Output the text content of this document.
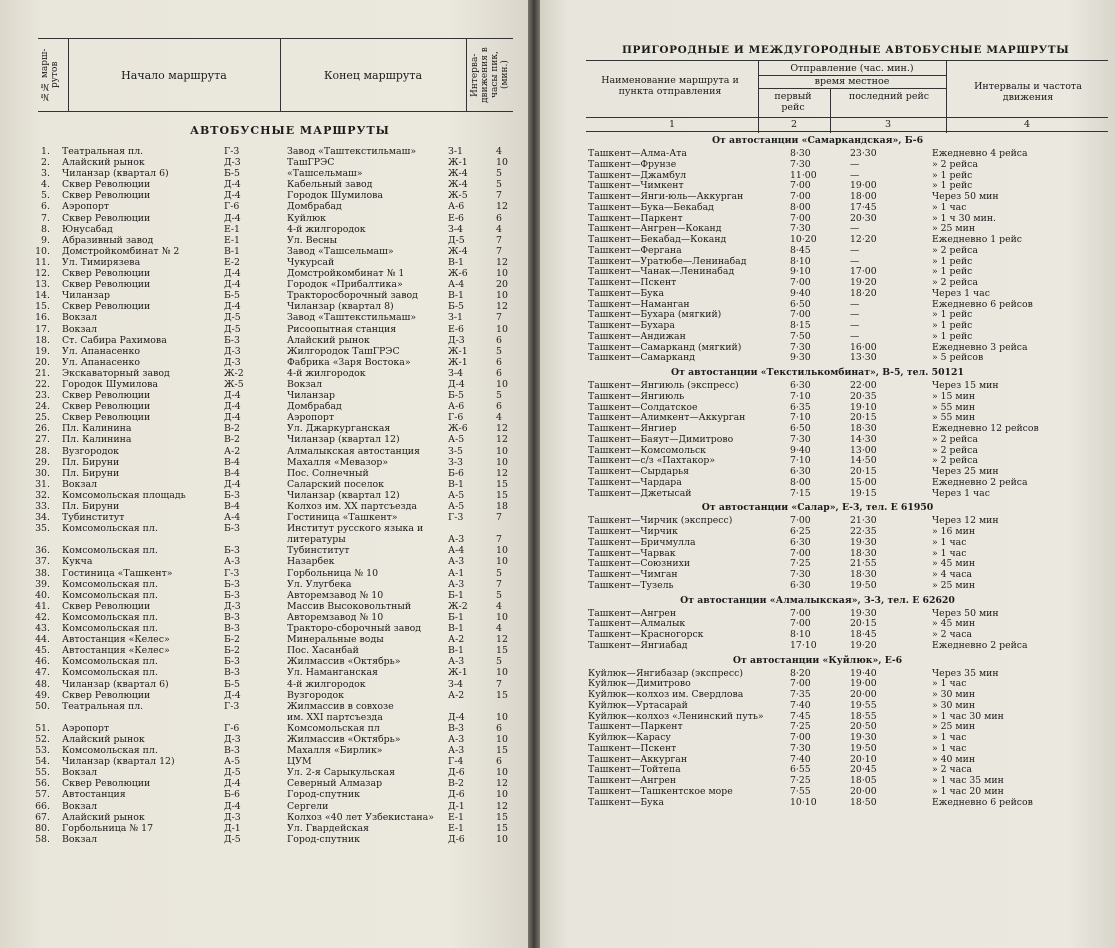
№№ марш-рутов	Начало маршрута	Конец маршрута	Интерва-движения в часы пик, (мин.)
АВТОБУСНЫЕ МАРШРУТЫ
1. Театральная пл.	Г-3	Завод «Таштекстильмаш»	З-1	4
2. Алайский рынок	Д-3	ТашГРЭС	Ж-1	10
3. Чиланзар (квартал 6)	Б-5	«Ташсельмаш»	Ж-4	5
4. Сквер Революции	Д-4	Кабельный завод	Ж-4	5
5. Сквер Революции	Д-4	Городок Шумилова	Ж-5	7
6. Аэропорт	Г-6	Домбрабад	А-6	12
7. Сквер Революции	Д-4	Куйлюк	Е-6	6
8. Юнусабад	Е-1	4-й жилгородок	З-4	4
9. Абразивный завод	Е-1	Ул. Весны	Д-5	7
10. Домстройкомбинат № 2	В-1	Завод «Ташсельмаш»	Ж-4	7
11. Ул. Тимирязева	Е-2	Чукурсай	В-1	12
12. Сквер Революции	Д-4	Домстройкомбинат № 1	Ж-6	10
13. Сквер Революции	Д-4	Городок «Прибалтика»	А-4	20
14. Чиланзар	Б-5	Тракторосборочный завод	В-1	10
15. Сквер Революции	Д-4	Чиланзар (квартал 8)	Б-5	12
16. Вокзал	Д-5	Завод «Таштекстильмаш»	З-1	7
17. Вокзал	Д-5	Рисоопытная станция	Е-6	10
18. Ст. Сабира Рахимова	Б-3	Алайский рынок	Д-3	6
19. Ул. Апанасенко	Д-3	Жилгородок ТашГРЭС	Ж-1	5
20. Ул. Апанасенко	Д-3	Фабрика «Заря Востока»	Ж-1	6
21. Экскаваторный завод	Ж-2	4-й жилгородок	З-4	6
22. Городок Шумилова	Ж-5	Вокзал	Д-4	10
23. Сквер Революции	Д-4	Чиланзар	Б-5	5
24. Сквер Революции	Д-4	Домбрабад	А-6	6
25. Сквер Революции	Д-4	Аэропорт	Г-6	4
26. Пл. Калинина	В-2	Ул. Джаркурганская	Ж-6	12
27. Пл. Калинина	В-2	Чиланзар (квартал 12)	А-5	12
28. Вузгородок	А-2	Алмалыкская автостанция	З-5	10
29. Пл. Бируни	В-4	Махалля «Мевазор»	З-3	10
30. Пл. Бируни	В-4	Пос. Солнечный	Б-6	12
31. Вокзал	Д-4	Саларский поселок	В-1	15
32. Комсомольская площадь	Б-3	Чиланзар (квартал 12)	А-5	15
33. Пл. Бируни	В-4	Колхоз им. XX партсъезда	А-5	18
34. Тубинститут	А-4	Гостиница «Ташкент»	Г-3	7
35. Комсомольская пл.	Б-3	Институт русского языка и
литературы	А-3	7
36. Комсомольская пл.	Б-3	Тубинститут	А-4	10
37. Кукча	А-3	Назарбек	А-3	10
38. Гостиница «Ташкент»	Г-3	Горбольница № 10	А-1	5
39. Комсомольская пл.	Б-3	Ул. Улугбека	А-3	7
40. Комсомольская пл.	Б-3	Авторемзавод № 10	Б-1	5
41. Сквер Революции	Д-3	Массив Высоковольтный	Ж-2	4
42. Комсомольская пл.	В-3	Авторемзавод № 10	Б-1	10
43. Комсомольская пл.	В-3	Тракторо-сборочный завод	В-1	4
44. Автостанция «Келес»	Б-2	Минеральные воды	А-2	12
45. Автостанция «Келес»	Б-2	Пос. Хасанбай	В-1	15
46. Комсомольская пл.	Б-3	Жилмассив «Октябрь»	А-3	5
47. Комсомольская пл.	В-3	Ул. Наманганская	Ж-1	10
48. Чиланзар (квартал 6)	Б-5	4-й жилгородок	З-4	7
49. Сквер Революции	Д-4	Вузгородок	А-2	15
50. Театральная пл.	Г-3	Жилмассив в совхозе
им. XXI партсъезда	Д-4	10
51. Аэропорт	Г-6	Комсомольская пл	В-3	6
52. Алайский рынок	Д-3	Жилмассив «Октябрь»	А-3	10
53. Комсомольская пл.	В-3	Махалля «Бирлик»	А-3	15
54. Чиланзар (квартал 12)	А-5	ЦУМ	Г-4	6
55. Вокзал	Д-5	Ул. 2-я Сарыкульская	Д-6	10
56. Сквер Революции	Д-4	Северный Алмазар	В-2	12
57. Автостанция	Б-6	Город-спутник	Д-6	10
66. Вокзал	Д-4	Сергели	Д-1	12
67. Алайский рынок	Д-3	Колхоз «40 лет Узбекистана» Е-1	15
80. Горбольница № 17	Д-1	Ул. Гвардейская	Е-1	15
58. Вокзал	Д-5	Город-спутник	Д-6	10
ПРИГОРОДНЫЕ И МЕЖДУГОРОДНЫЕ АВТОБУСНЫЕ МАРШРУТЫ
Наименование маршрута и пункта отправления
Отправление (час. мин.)
время местное
первый рейс
последний рейс
Интервалы и частота движения
1	2	3	4
От автостанции «Самаркандская», Б-6
Ташкент—Алма-Ата	8·30	23·30	Ежедневно 4 рейса
Ташкент—Фрунзе	7·30	—	» 2 рейса
Ташкент—Джамбул	11·00	—	» 1 рейс
Ташкент—Чимкент	7·00	19·00	» 1 рейс
Ташкент—Янги-юль—Аккурган	7·00	18·00	Через 50 мин
Ташкент—Бука—Бекабад	8·00	17·45	» 1 час
Ташкент—Паркент	7·00	20·30	» 1 ч 30 мин.
Ташкент—Ангрен—Коканд	7·30	—	» 25 мин
Ташкент—Бекабад—Коканд	10·20	12·20	Ежедневно 1 рейс
Ташкент—Фергана	8·45	—	» 2 рейса
Ташкент—Уратюбе—Ленинабад	8·10	—	» 1 рейс
Ташкент—Чанак—Ленинабад	9·10	17·00	» 1 рейс
Ташкент—Пскент	7·00	19·20	» 2 рейса
Ташкент—Бука	9·40	18·20	Через 1 час
Ташкент—Наманган	6·50	—	Ежедневно 6 рейсов
Ташкент—Бухара (мягкий)	7·00	—	» 1 рейс
Ташкент—Бухара	8·15	—	» 1 рейс
Ташкент—Андижан	7·50	—	» 1 рейс
Ташкент—Самарканд (мягкий)	7·30	16·00	Ежедневно 3 рейса
Ташкент—Самарканд	9·30	13·30	» 5 рейсов
От автостанции «Текстилькомбинат», В-5, тел. 50121
Ташкент—Янгиюль (экспресс)	6·30	22·00	Через 15 мин
Ташкент—Янгиюль	7·10	20·35	» 15 мин
Ташкент—Солдатское	6·35	19·10	» 55 мин
Ташкент—Алимкент—Аккурган	7·10	20·15	» 55 мин
Ташкент—Янгиер	6·50	18·30	Ежедневно 12 рейсов
Ташкент—Баяут—Димитрово	7·30	14·30	» 2 рейса
Ташкент—Комсомольск	9·40	13·00	» 2 рейса
Ташкент—с/з «Пахтакор»	7·10	14·50	» 2 рейса
Ташкент—Сырдарья	6·30	20·15	Через 25 мин
Ташкент—Чардара	8·00	15·00	Ежедневно 2 рейса
Ташкент—Джетысай	7·15	19·15	Через 1 час
От автостанции «Салар», Е-3, тел. Е 61950
Ташкент—Чирчик (экспресс)	7·00	21·30	Через 12 мин
Ташкент—Чирчик	6·25	22·35	» 16 мин
Ташкент—Бричмулла	6·30	19·30	» 1 час
Ташкент—Чарвак	7·00	18·30	» 1 час
Ташкент—Союзнихи	7·25	21·55	» 45 мин
Ташкент—Чимган	7·30	18·30	» 4 часа
Ташкент—Тузель	6·30	19·50	» 25 мин
От автостанции «Алмалыкская», З-3, тел. Е 62620
Ташкент—Ангрен	7·00	19·30	Через 50 мин
Ташкент—Алмалык	7·00	20·15	» 45 мин
Ташкент—Красногорск	8·10	18·45	» 2 часа
Ташкент—Янгиабад	17·10	19·20	Ежедневно 2 рейса
От автостанции «Куйлюк», Е-6
Куйлюк—Янгибазар (экспресс)	8·20	19·40	Через 35 мин
Куйлюк—Димитрово	7·00	19·00	» 1 час
Куйлюк—колхоз им. Свердлова	7·35	20·00	» 30 мин
Куйлюк—Уртасарай	7·40	19·55	» 30 мин
Куйлюк—колхоз «Ленинский путь»	7·45	18·55	» 1 час 30 мин
Ташкент—Паркент	7·25	20·50	» 25 мин
Куйлюк—Карасу	7·00	19·30	» 1 час
Ташкент—Пскент	7·30	19·50	» 1 час
Ташкент—Аккурган	7·40	20·10	» 40 мин
Ташкент—Тойтепа	6·55	20·45	» 2 часа
Ташкент—Ангрен	7·25	18·05	» 1 час 35 мин
Ташкент—Ташкентское море	7·55	20·00	» 1 час 20 мин
Ташкент—Бука	10·10	18·50	Ежедневно 6 рейсов
